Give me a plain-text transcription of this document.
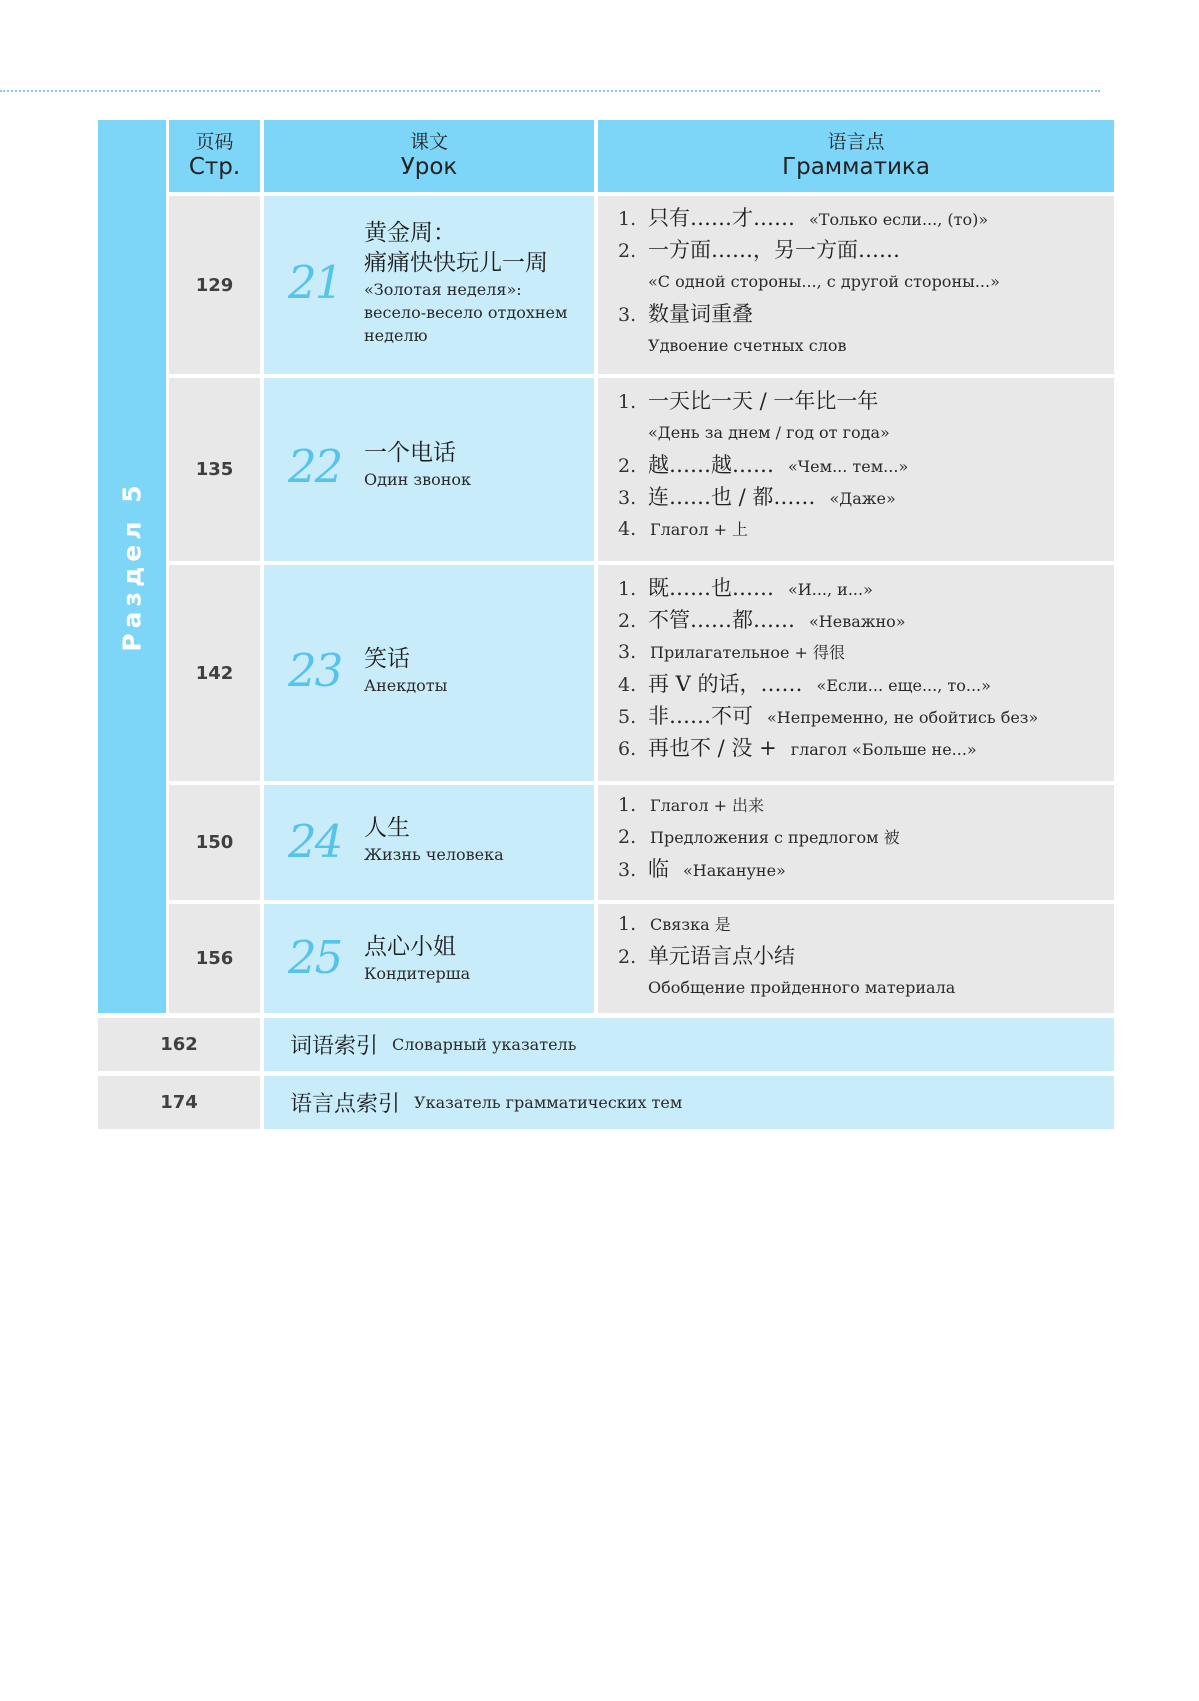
Раздел 5
页码
Стр.
课文
Урок
语言点
Грамматика
129 21
黄金周：
痛痛快快玩儿一周
«Золотая неделя»:
весело-весело отдохнем
неделю
1. 只有……才…… «Только если..., (то)»
2. 一方面……，另一方面……
«С одной стороны..., с другой стороны...»
3. 数量词重叠
Удвоение счетных слов
135 22 一个电话
Один звонок
1. 一天比一天 / 一年比一年
«День за днем / год от года»
2. 越……越…… «Чем... тем...»
3. 连……也 / 都…… «Даже»
4. Глагол + 上
142 23 笑话
Анекдоты
1. 既……也…… «И..., и...»
2. 不管……都…… «Неважно»
3. Прилагательное + 得很
4. 再 V 的话，…… «Если... еще..., то...»
5. 非……不可 «Непременно, не обойтись без»
6. 再也不 / 没 + глагол «Больше не...»
150 24 人生
Жизнь человека
1. Глагол + 出来
2. Предложения с предлогом 被
3. 临 «Накануне»
156 25 点心小姐
Кондитерша
1. Связка 是
2. 单元语言点小结
Обобщение пройденного материала
162	词语索引 Словарный указатель
174	语言点索引 Указатель грамматических тем
